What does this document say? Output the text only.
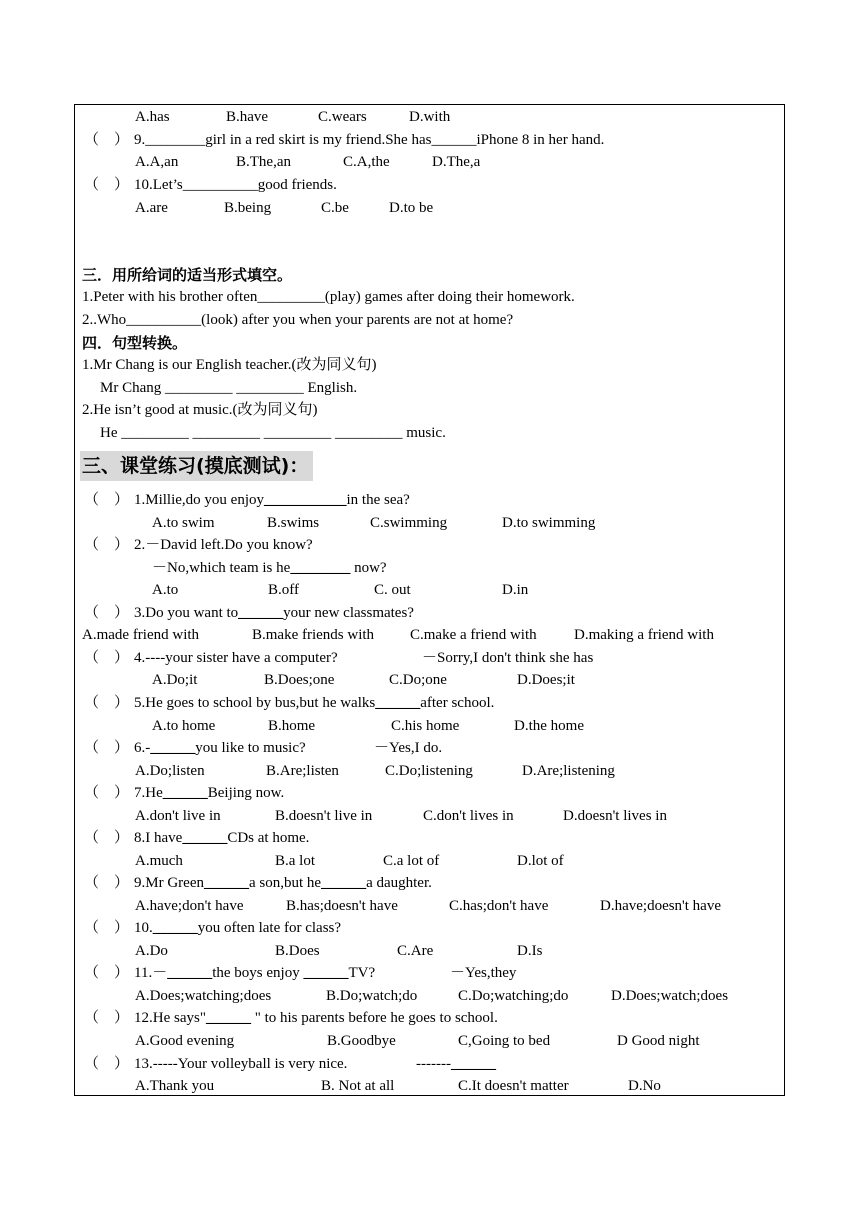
A.has	B.have	C.wears	D.with
（    ） 9.________girl in a red skirt is my friend.She has______iPhone 8 in her hand.
A.A,an	B.The,an	C.A,the	D.The,a
（    ） 10.Let’s__________good friends.
A.are	B.being	C.be	D.to be
三．用所给词的适当形式填空。
1.Peter with his brother often_________(play) games after doing their homework.
2..Who__________(look) after you when your parents are not at home?
四．句型转换。
1.Mr Chang is our English teacher.(改为同义句)
Mr Chang _________ _________ English.
2.He isn’t good at music.(改为同义句)
He _________ _________ _________ _________ music.
三、课堂练习(摸底测试)：
（    ） 1.Millie,do you enjoy___________in the sea?
A.to swim	B.swims	C.swimming	D.to swimming
（    ） 2.－David left.Do you know?
－No,which team is he________ now?
A.to	B.off	C. out	D.in
（    ） 3.Do you want to______your new classmates?
A.made friend with	B.make friends with C.make a friend with D.making a friend with
（    ） 4.----your sister have a computer?	－Sorry,I don't think she has
A.Do;it	B.Does;one	C.Do;one	D.Does;it
（    ） 5.He goes to school by bus,but he walks______after school.
A.to home	B.home	C.his home	D.the home
（    ） 6.-______you like to music?	－Yes,I do.
A.Do;listen	B.Are;listen	C.Do;listening	D.Are;listening
（    ） 7.He______Beijing now.
A.don't live in	B.doesn't live in	C.don't lives in	D.doesn't lives in
（    ） 8.I have______CDs at home.
A.much	B.a lot	C.a lot of	D.lot of
（    ） 9.Mr Green______a son,but he______a daughter.
A.have;don't have	B.has;doesn't have	C.has;don't have	D.have;doesn't have
（    ） 10.______you often late for class?
A.Do	B.Does	C.Are	D.Is
（    ） 11.－______the boys enjoy ______TV?	－Yes,they
A.Does;watching;does	B.Do;watch;do	C.Do;watching;do	D.Does;watch;does
（    ） 12.He says"______ " to his parents before he goes to school.
A.Good evening	B.Goodbye	C,Going to bed	D Good night
（    ） 13.-----Your volleyball is very nice.	-------______
A.Thank you	B. Not at all	C.It doesn't matter	D.No
